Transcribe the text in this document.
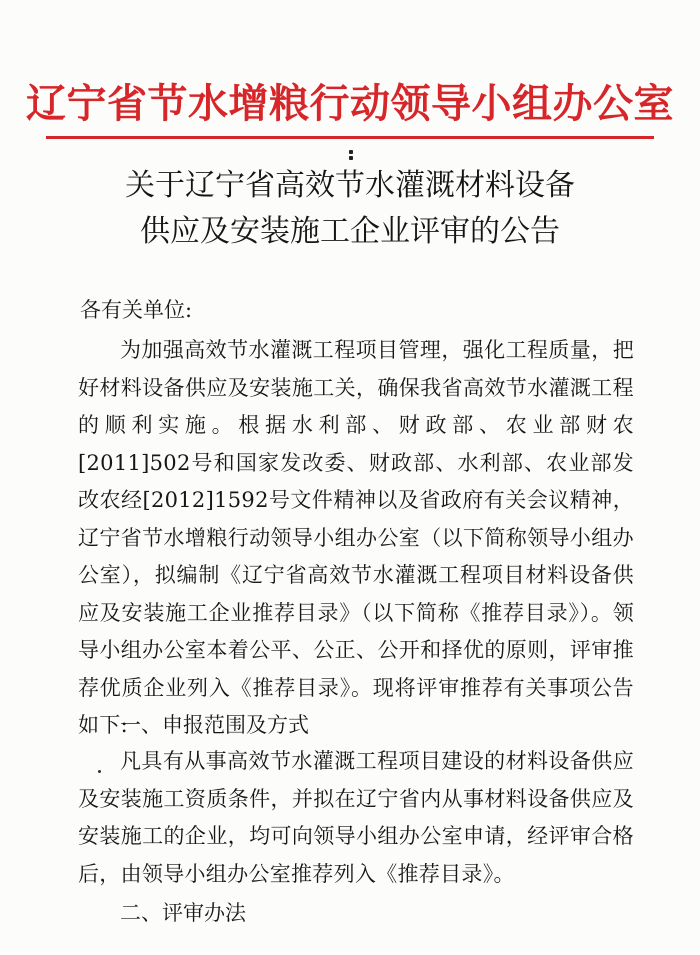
辽宁省节水增粮行动领导小组办公室
关于辽宁省高效节水灌溉材料设备
供应及安装施工企业评审的公告
各有关单位:
为加强高效节水灌溉工程项目管理，强化工程质量，把好材料设备供应及安装施工关，确保我省高效节水灌溉工程的顺利实施。根据水利部、财政部、农业部财农[2011]502号和国家发改委、财政部、水利部、农业部发改农经[2012]1592号文件精神以及省政府有关会议精神，辽宁省节水增粮行动领导小组办公室（以下简称领导小组办公室），拟编制《辽宁省高效节水灌溉工程项目材料设备供应及安装施工企业推荐目录》（以下简称《推荐目录》）。领导小组办公室本着公平、公正、公开和择优的原则，评审推荐优质企业列入《推荐目录》。现将评审推荐有关事项公告如下:
一、申报范围及方式
凡具有从事高效节水灌溉工程项目建设的材料设备供应及安装施工资质条件，并拟在辽宁省内从事材料设备供应及安装施工的企业，均可向领导小组办公室申请，经评审合格后，由领导小组办公室推荐列入《推荐目录》。
二、评审办法
